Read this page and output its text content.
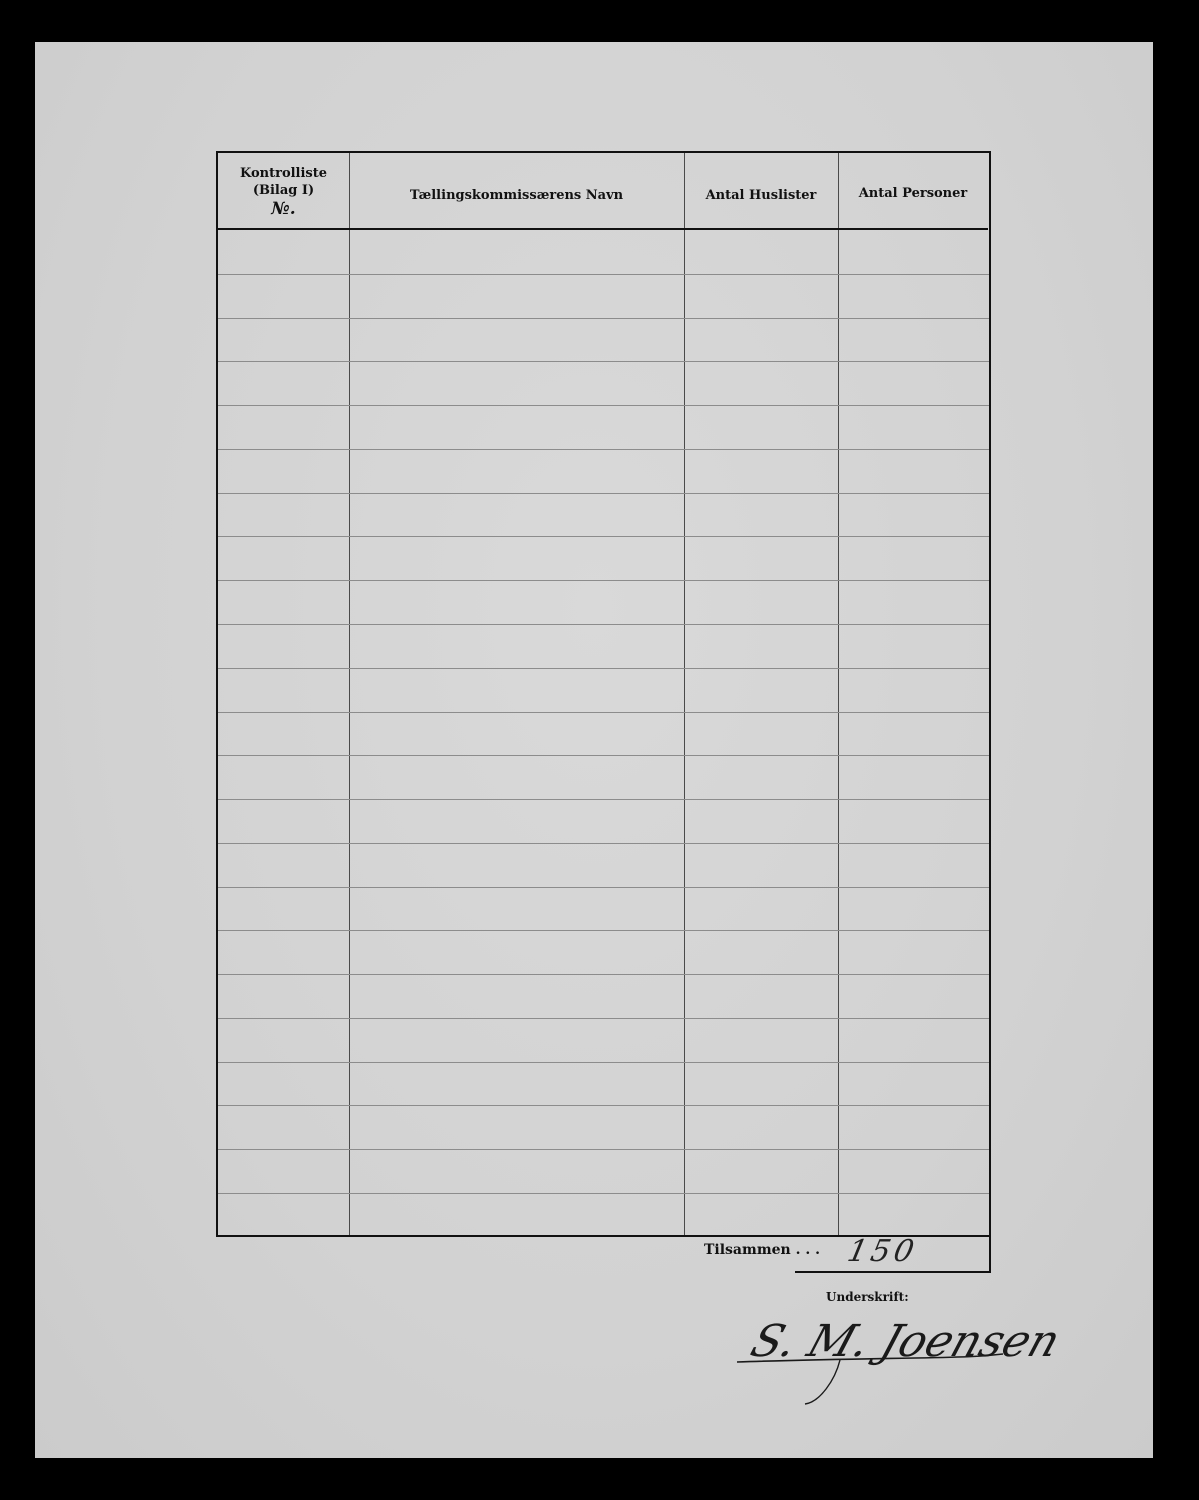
Kontrolliste
(Bilag I)
№.
Tællingskommissærens Navn	Antal Huslister	Antal Personer
Tilsammen . . . 150
Underskrift:
S. M. Joensen
